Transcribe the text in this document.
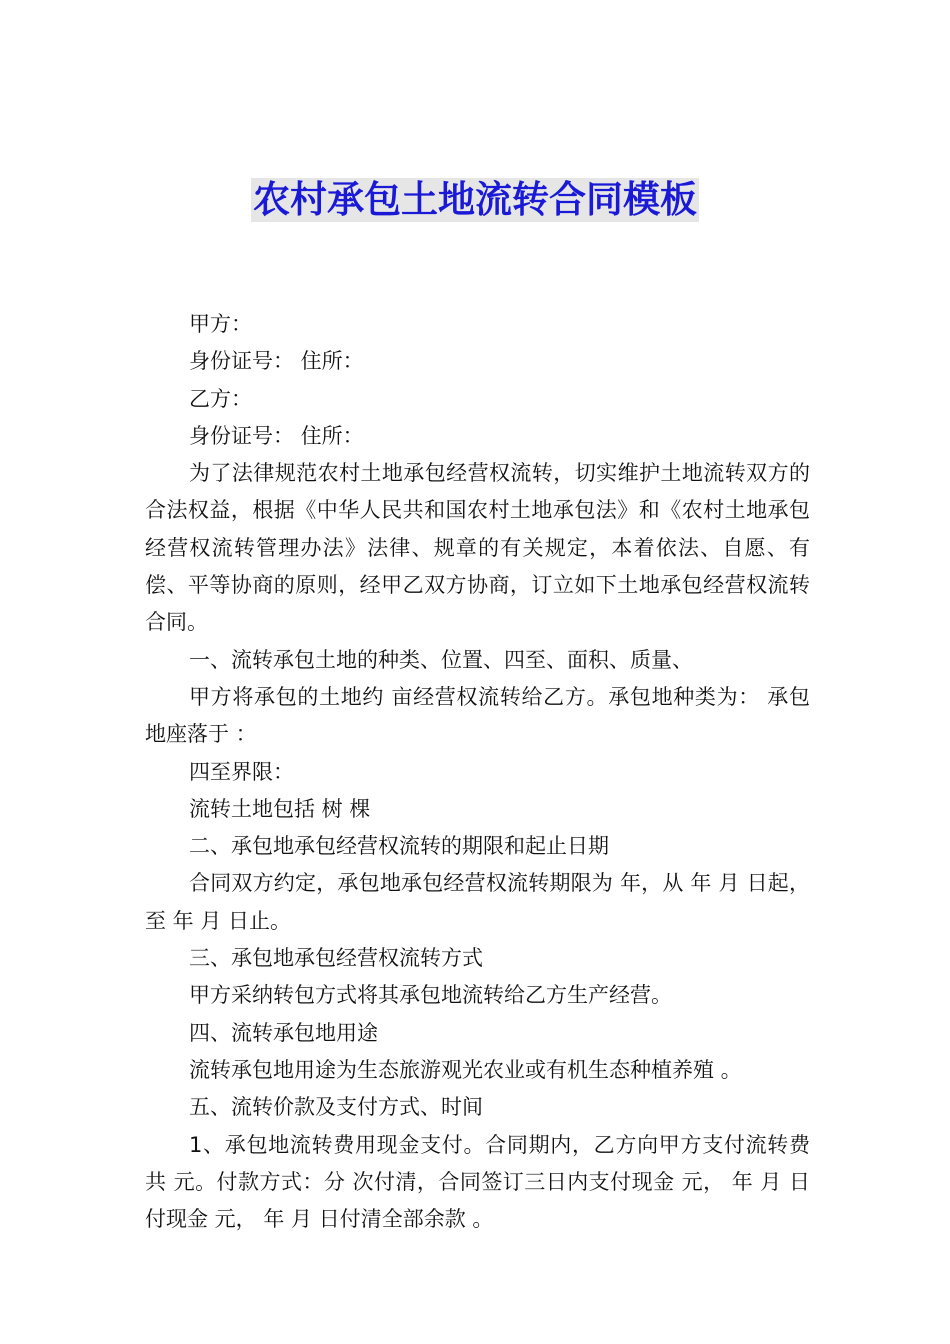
农村承包土地流转合同模板

甲方：

身份证号： 住所：

乙方：

身份证号： 住所：

为了法律规范农村土地承包经营权流转，切实维护土地流转双方的合法权益，根据《中华人民共和国农村土地承包法》和《农村土地承包经营权流转管理办法》法律、规章的有关规定，本着依法、自愿、有偿、平等协商的原则，经甲乙双方协商，订立如下土地承包经营权流转合同。

一、流转承包土地的种类、位置、四至、面积、质量、

甲方将承包的土地约 亩经营权流转给乙方。承包地种类为： 承包地座落于 ：

四至界限：

流转土地包括 树 棵

二、承包地承包经营权流转的期限和起止日期

合同双方约定，承包地承包经营权流转期限为 年，从 年 月 日起，至 年 月 日止。

三、承包地承包经营权流转方式

甲方采纳转包方式将其承包地流转给乙方生产经营。

四、流转承包地用途

流转承包地用途为生态旅游观光农业或有机生态种植养殖 。

五、流转价款及支付方式、时间

1、承包地流转费用现金支付。合同期内，乙方向甲方支付流转费共 元。付款方式：分 次付清，合同签订三日内支付现金 元， 年 月 日付现金 元， 年 月 日付清全部余款 。
